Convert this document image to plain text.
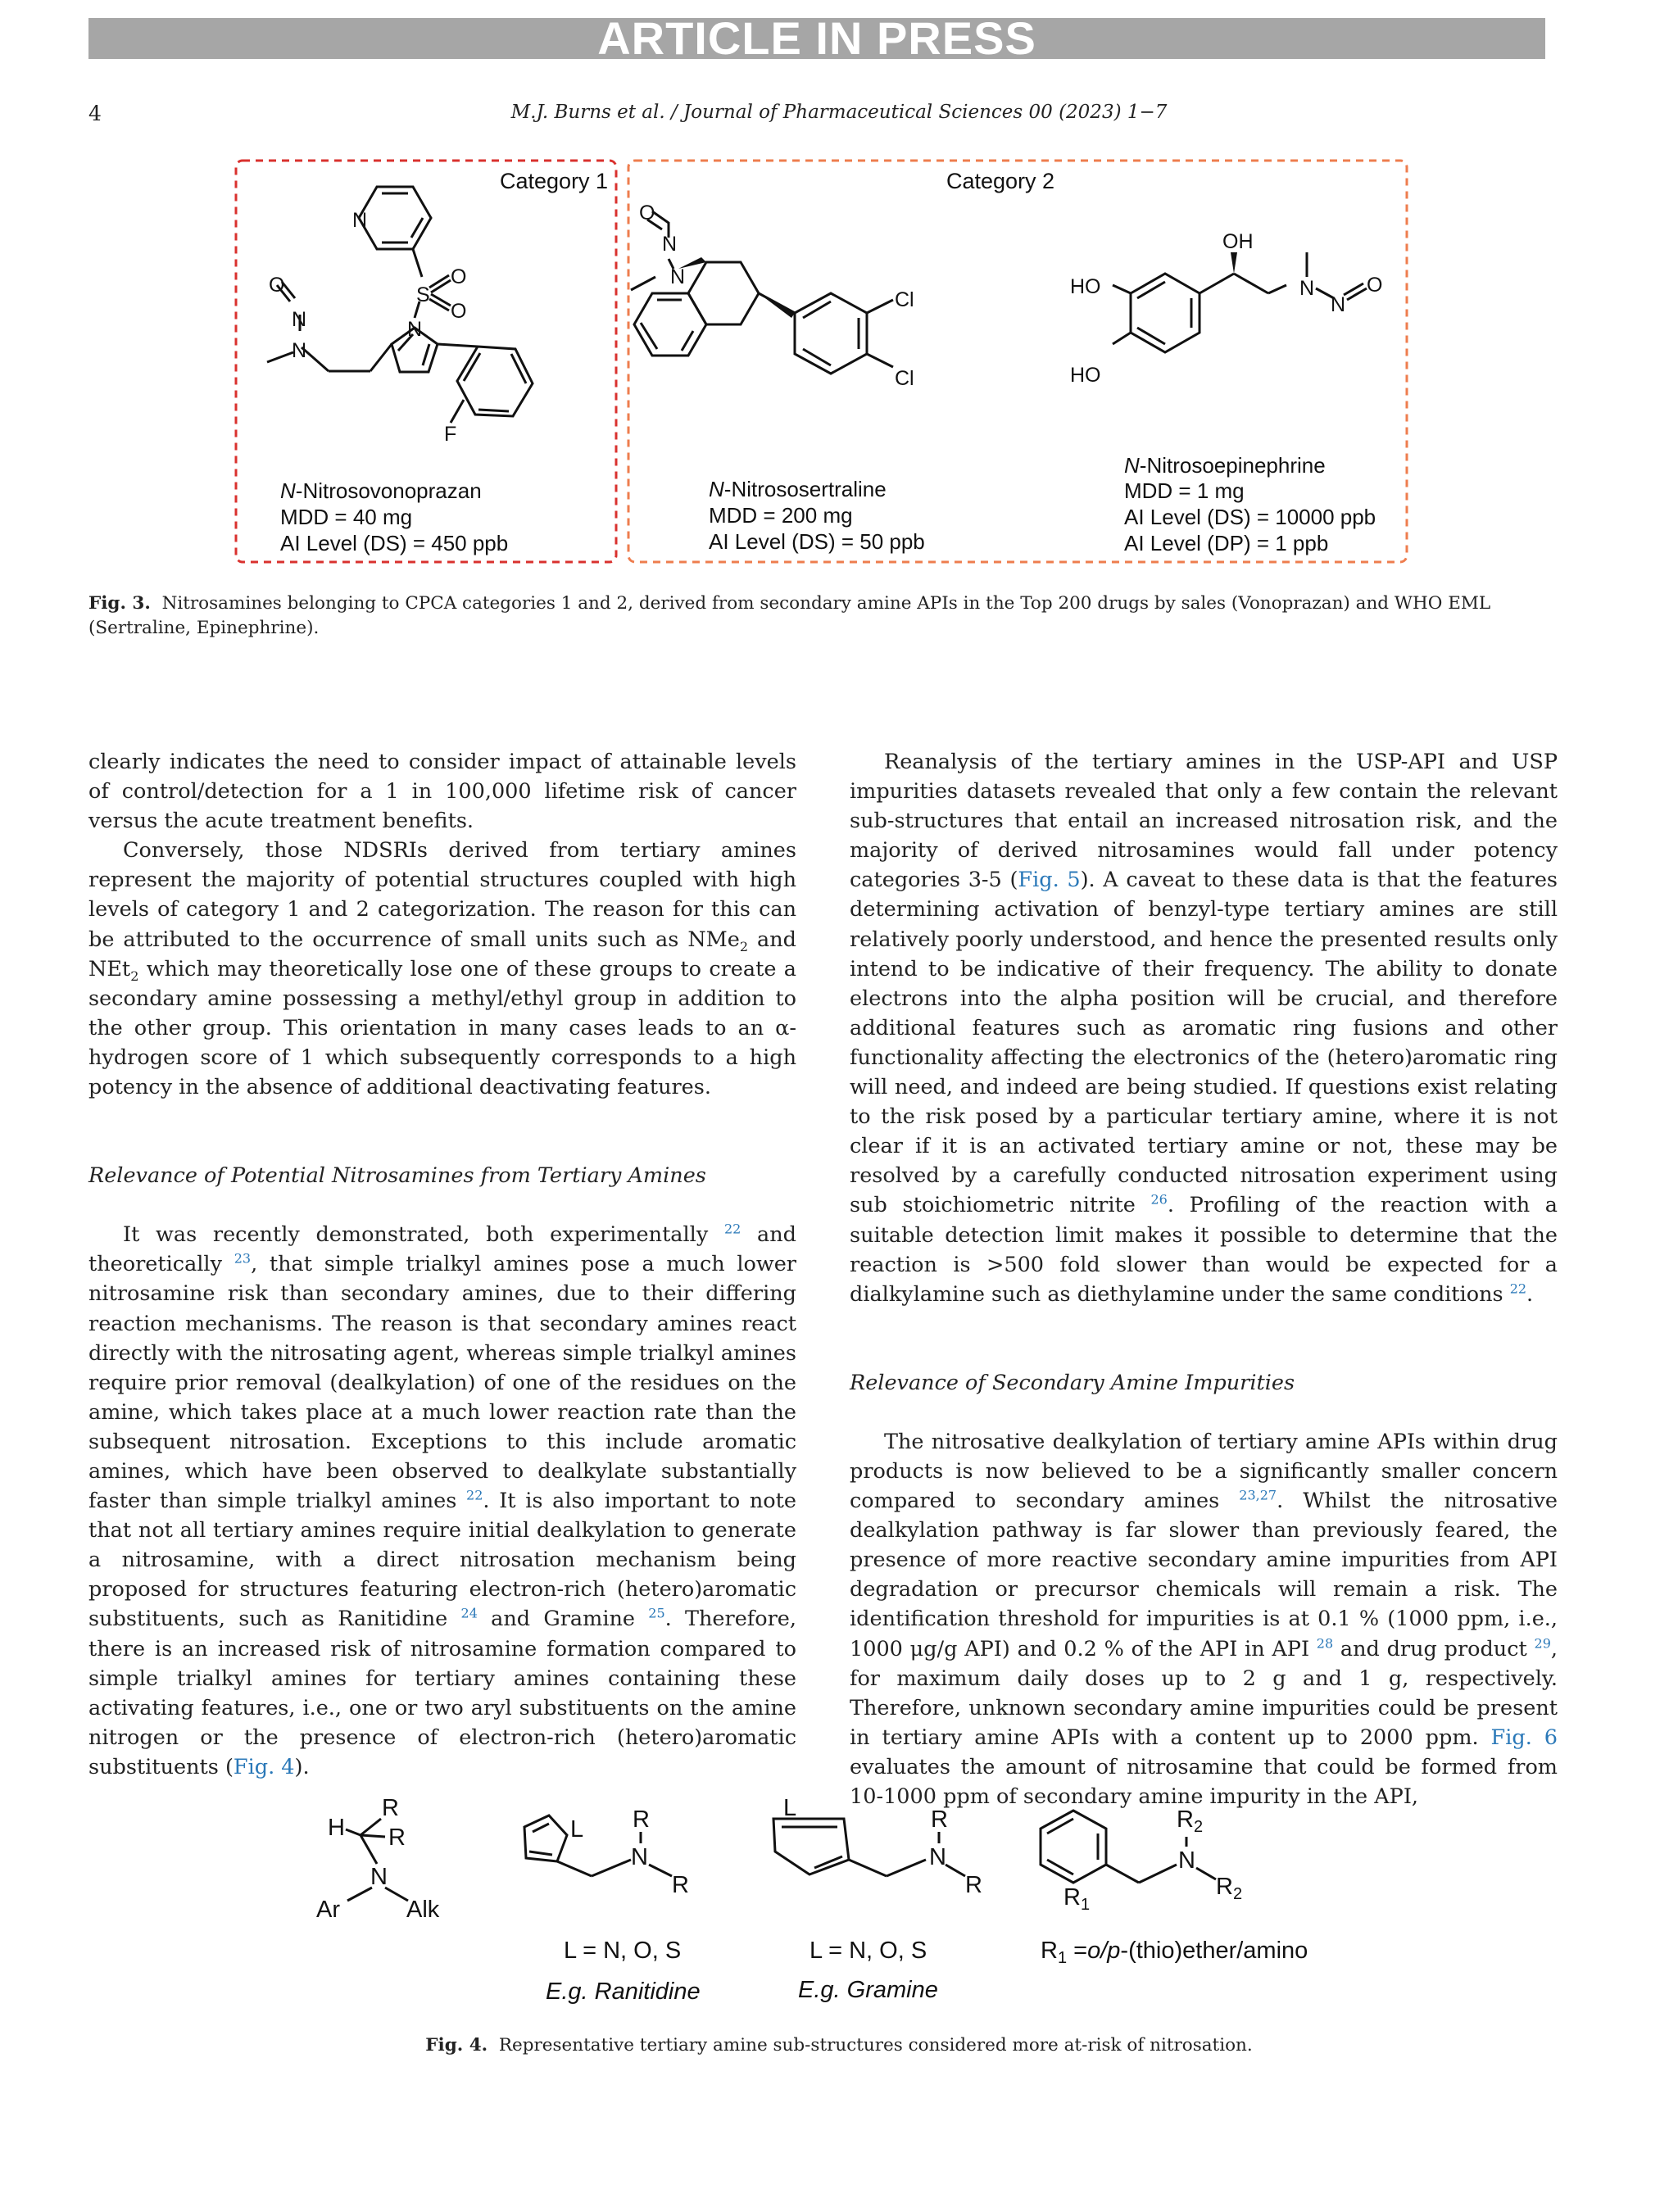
ARTICLE IN PRESS
4	M.J. Burns et al. / Journal of Pharmaceutical Sciences 00 (2023) 1−7
Category 1	Category 2
N
S
O
O
N
F
O
N
N
O
N
N
Cl
Cl
OH
HO
HO
N
N
O
N-Nitrosovonoprazan
MDD = 40 mg
AI Level (DS) = 450 ppb
N-Nitrososertraline
MDD = 200 mg
AI Level (DS) = 50 ppb
N-Nitrosoepinephrine
MDD = 1 mg
AI Level (DS) = 10000 ppb
AI Level (DP) = 1 ppb
Fig. 3. Nitrosamines belonging to CPCA categories 1 and 2, derived from secondary amine APIs in the Top 200 drugs by sales (Vonoprazan) and WHO EML (Sertraline, Epinephrine).

clearly indicates the need to consider impact of attainable levels of control/detection for a 1 in 100,000 lifetime risk of cancer versus the acute treatment benefits.

Conversely, those NDSRIs derived from tertiary amines represent the majority of potential structures coupled with high levels of category 1 and 2 categorization. The reason for this can be attributed to the occurrence of small units such as NMe$_2$ and NEt$_2$ which may theoretically lose one of these groups to create a secondary amine possessing a methyl/ethyl group in addition to the other group. This orientation in many cases leads to an α-hydrogen score of 1 which subsequently corresponds to a high potency in the absence of additional deactivating features.

Relevance of Potential Nitrosamines from Tertiary Amines

It was recently demonstrated, both experimentally $^{22}$ and theoretically $^{23}$, that simple trialkyl amines pose a much lower nitrosamine risk than secondary amines, due to their differing reaction mechanisms. The reason is that secondary amines react directly with the nitrosating agent, whereas simple trialkyl amines require prior removal (dealkylation) of one of the residues on the amine, which takes place at a much lower reaction rate than the subsequent nitrosation. Exceptions to this include aromatic amines, which have been observed to dealkylate substantially faster than simple trialkyl amines $^{22}$. It is also important to note that not all tertiary amines require initial dealkylation to generate a nitrosamine, with a direct nitrosation mechanism being proposed for structures featuring electron-rich (hetero)aromatic substituents, such as Ranitidine $^{24}$ and Gramine $^{25}$. Therefore, there is an increased risk of nitrosamine formation compared to simple trialkyl amines for tertiary amines containing these activating features, i.e., one or two aryl substituents on the amine nitrogen or the presence of electron-rich (hetero)aromatic substituents (Fig. 4).

Reanalysis of the tertiary amines in the USP-API and USP impurities datasets revealed that only a few contain the relevant sub-structures that entail an increased nitrosation risk, and the majority of derived nitrosamines would fall under potency categories 3-5 (Fig. 5). A caveat to these data is that the features determining activation of benzyl-type tertiary amines are still relatively poorly understood, and hence the presented results only intend to be indicative of their frequency. The ability to donate electrons into the alpha position will be crucial, and therefore additional features such as aromatic ring fusions and other functionality affecting the electronics of the (hetero)aromatic ring will need, and indeed are being studied. If questions exist relating to the risk posed by a particular tertiary amine, where it is not clear if it is an activated tertiary amine or not, these may be resolved by a carefully conducted nitrosation experiment using sub stoichiometric nitrite $^{26}$. Profiling of the reaction with a suitable detection limit makes it possible to determine that the reaction is >500 fold slower than would be expected for a dialkylamine such as diethylamine under the same conditions $^{22}$.

Relevance of Secondary Amine Impurities

The nitrosative dealkylation of tertiary amine APIs within drug products is now believed to be a significantly smaller concern compared to secondary amines $^{23,27}$. Whilst the nitrosative dealkylation pathway is far slower than previously feared, the presence of more reactive secondary amine impurities from API degradation or precursor chemicals will remain a risk. The identification threshold for impurities is at 0.1 % (1000 ppm, i.e., 1000 μg/g API) and 0.2 % of the API in API $^{28}$ and drug product $^{29}$, for maximum daily doses up to 2 g and 1 g, respectively. Therefore, unknown secondary amine impurities could be present in tertiary amine APIs with a content up to 2000 ppm. Fig. 6 evaluates the amount of nitrosamine that could be formed from 10-1000 ppm of secondary amine impurity in the API,

H
R
R
N
Ar	Alk
L R
N
R
L	R
N
R
$R_2$
N
$R_2$
$R_1$
L = N, O, S
E.g. Ranitidine
L = N, O, S
E.g. Gramine
$R_1$ =o/p-(thio)ether/amino
Fig. 4. Representative tertiary amine sub-structures considered more at-risk of nitrosation.
